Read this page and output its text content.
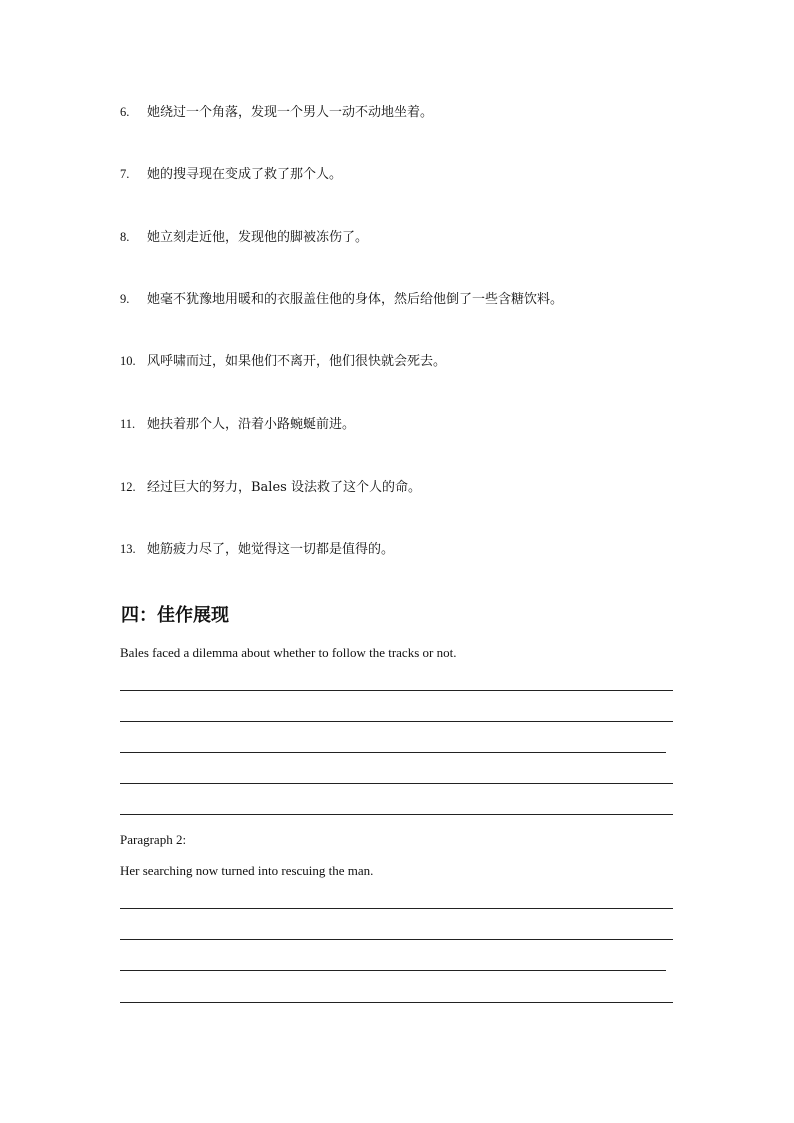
6. 她绕过一个角落，发现一个男人一动不动地坐着。
7. 她的搜寻现在变成了救了那个人。
8. 她立刻走近他，发现他的脚被冻伤了。
9. 她毫不犹豫地用暖和的衣服盖住他的身体，然后给他倒了一些含糖饮料。
10. 风呼啸而过，如果他们不离开，他们很快就会死去。
11. 她扶着那个人，沿着小路蜿蜒前进。
12. 经过巨大的努力，Bales 设法救了这个人的命。
13. 她筋疲力尽了，她觉得这一切都是值得的。
四：佳作展现
Bales faced a dilemma about whether to follow the tracks or not.
Paragraph 2:
Her searching now turned into rescuing the man.
